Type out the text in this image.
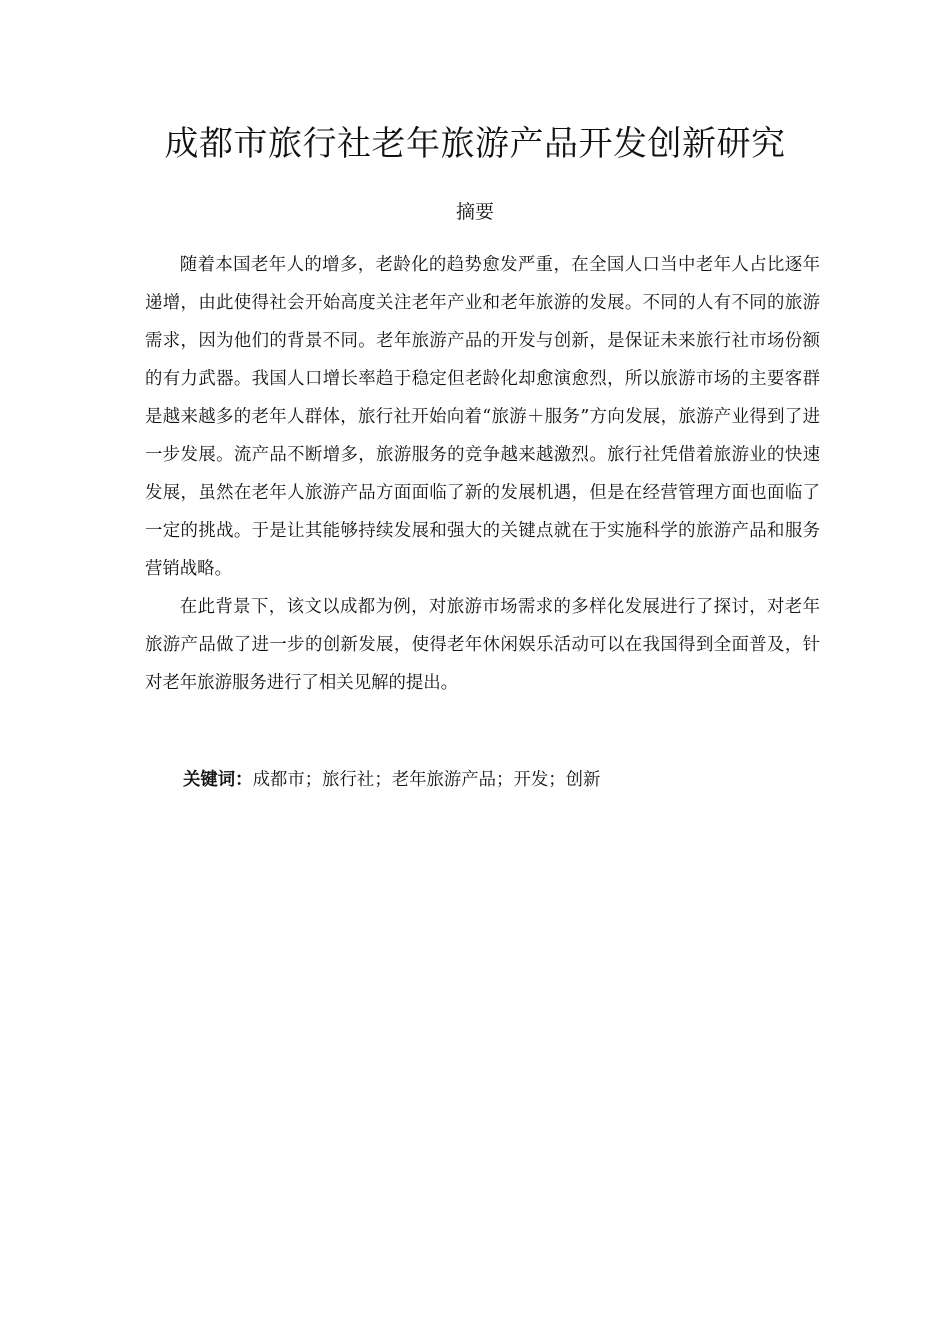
成都市旅行社老年旅游产品开发创新研究
摘要

随着本国老年人的增多，老龄化的趋势愈发严重，在全国人口当中老年人占比逐年递增，由此使得社会开始高度关注老年产业和老年旅游的发展。不同的人有不同的旅游需求，因为他们的背景不同。老年旅游产品的开发与创新，是保证未来旅行社市场份额的有力武器。我国人口增长率趋于稳定但老龄化却愈演愈烈，所以旅游市场的主要客群是越来越多的老年人群体，旅行社开始向着“旅游＋服务”方向发展，旅游产业得到了进一步发展。流产品不断增多，旅游服务的竞争越来越激烈。旅行社凭借着旅游业的快速发展，虽然在老年人旅游产品方面面临了新的发展机遇，但是在经营管理方面也面临了一定的挑战。于是让其能够持续发展和强大的关键点就在于实施科学的旅游产品和服务营销战略。

在此背景下，该文以成都为例，对旅游市场需求的多样化发展进行了探讨，对老年旅游产品做了进一步的创新发展，使得老年休闲娱乐活动可以在我国得到全面普及，针对老年旅游服务进行了相关见解的提出。

关键词：成都市；旅行社；老年旅游产品；开发；创新
